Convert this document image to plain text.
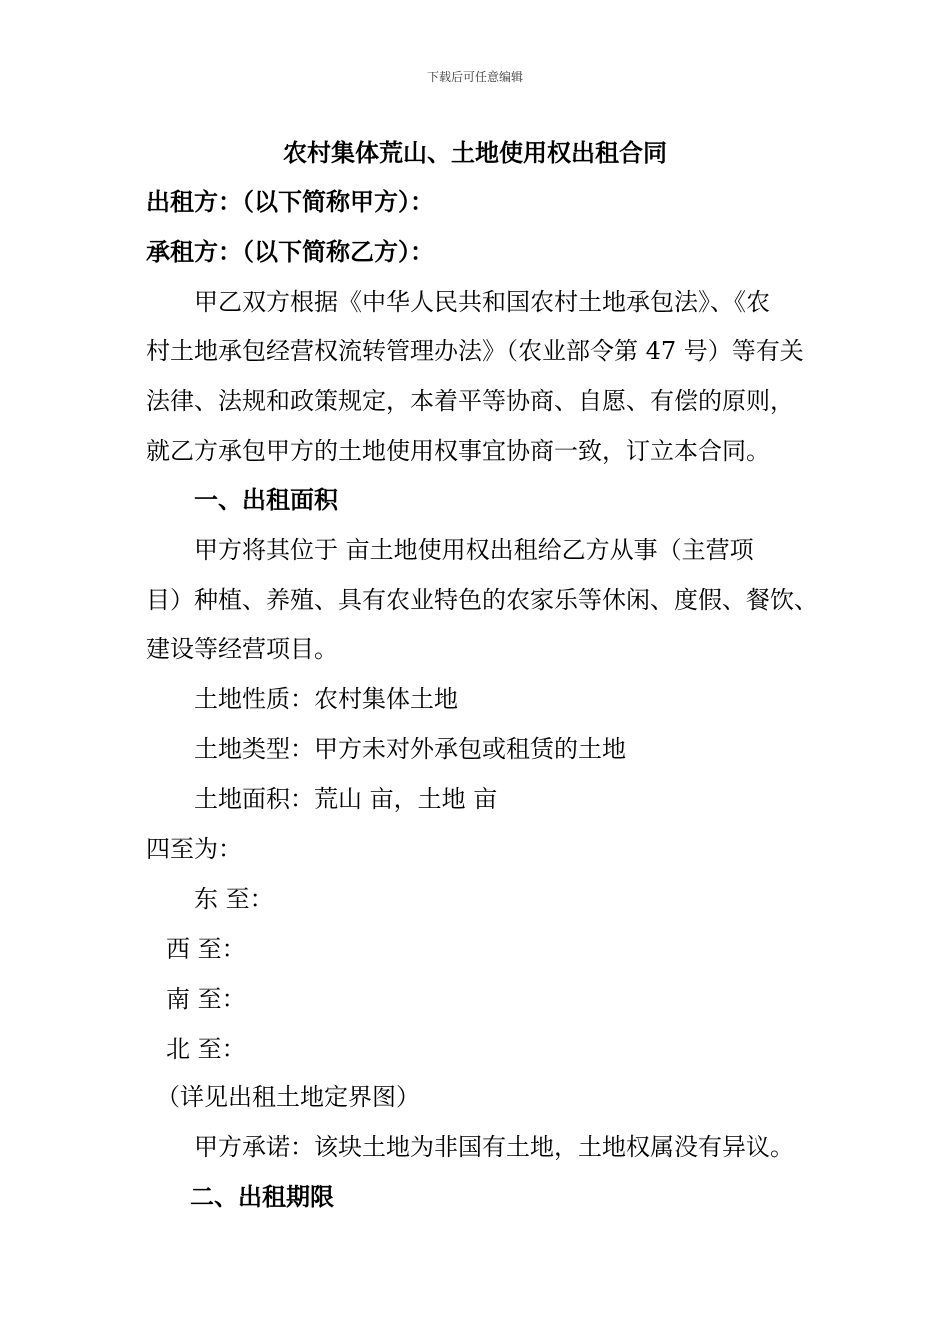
下载后可任意编辑
农村集体荒山、土地使用权出租合同
出租方：（以下简称甲方）：
承租方：（以下简称乙方）：
甲乙双方根据《中华人民共和国农村土地承包法》、《农
村土地承包经营权流转管理办法》（农业部令第 47 号）等有关
法律、法规和政策规定，本着平等协商、自愿、有偿的原则，
就乙方承包甲方的土地使用权事宜协商一致，订立本合同。
一、出租面积
甲方将其位于 亩土地使用权出租给乙方从事（主营项
目）种植、养殖、具有农业特色的农家乐等休闲、度假、餐饮、
建设等经营项目。
土地性质：农村集体土地
土地类型：甲方未对外承包或租赁的土地
土地面积：荒山 亩，土地 亩
四至为：
东 至：
西 至：
南 至：
北 至：
（详见出租土地定界图）
甲方承诺：该块土地为非国有土地，土地权属没有异议。
二、出租期限
